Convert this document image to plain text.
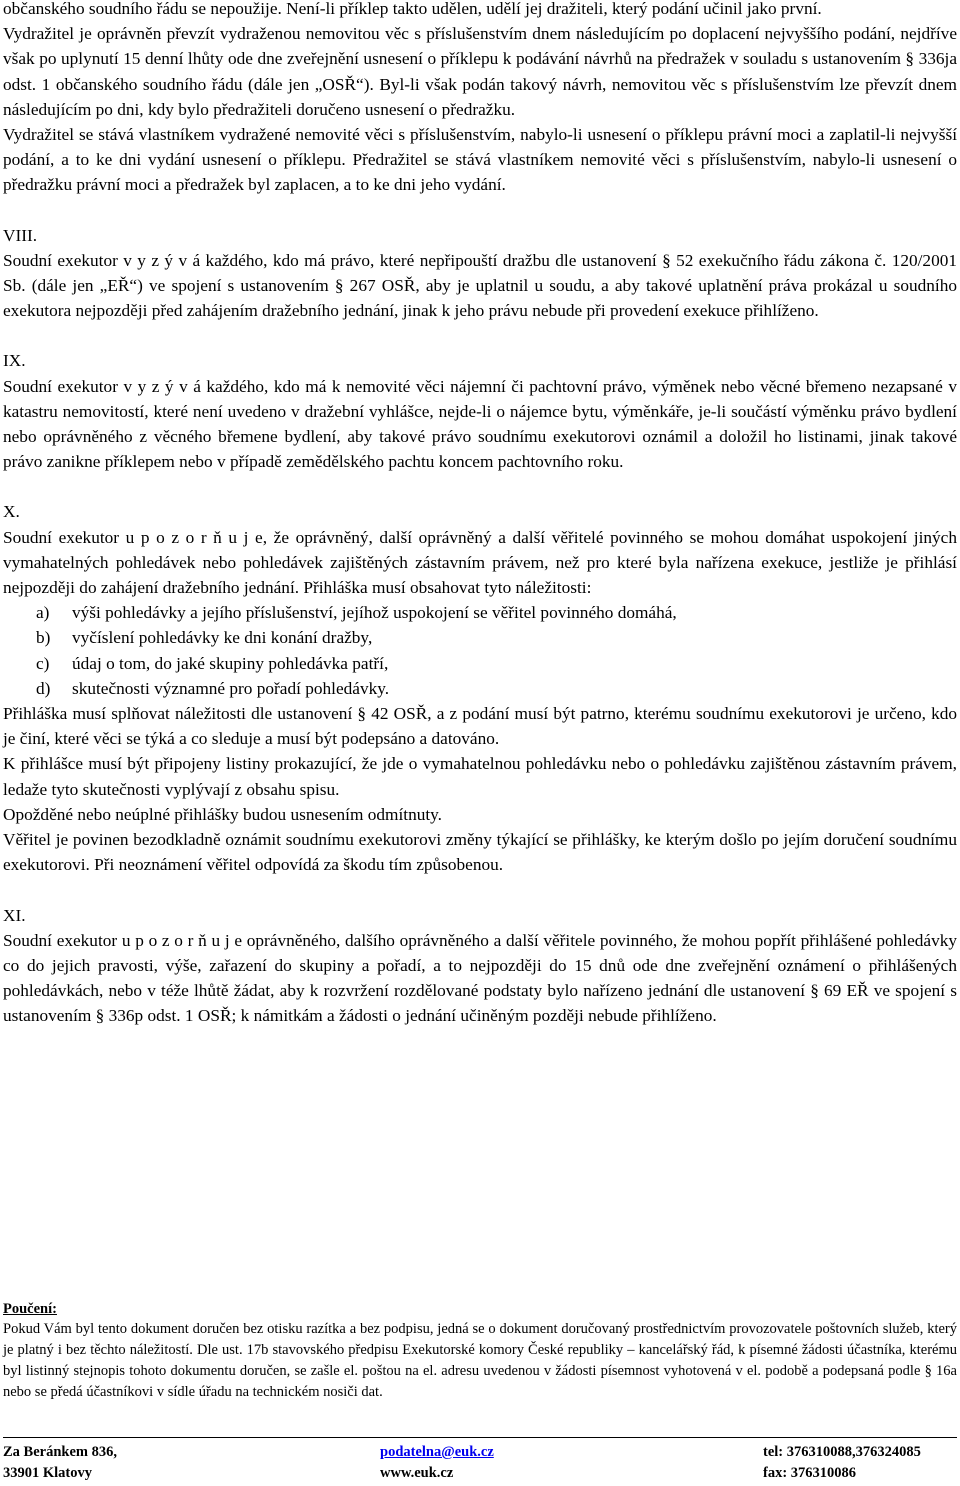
občanského soudního řádu se nepoužije. Není-li příklep takto udělen, udělí jej dražiteli, který podání učinil jako první.

Vydražitel je oprávněn převzít vydraženou nemovitou věc s příslušenstvím dnem následujícím po doplacení nejvyššího podání, nejdříve však po uplynutí 15 denní lhůty ode dne zveřejnění usnesení o příklepu k podávání návrhů na předražek v souladu s ustanovením § 336ja odst. 1 občanského soudního řádu (dále jen „OSŘ“). Byl-li však podán takový návrh, nemovitou věc s příslušenstvím lze převzít dnem následujícím po dni, kdy bylo předražiteli doručeno usnesení o předražku.

Vydražitel se stává vlastníkem vydražené nemovité věci s příslušenstvím, nabylo-li usnesení o příklepu právní moci a zaplatil-li nejvyšší podání, a to ke dni vydání usnesení o příklepu. Předražitel se stává vlastníkem nemovité věci s příslušenstvím, nabylo-li usnesení o předražku právní moci a předražek byl zaplacen, a to ke dni jeho vydání.

VIII.

Soudní exekutor v y z ý v á každého, kdo má právo, které nepřipouští dražbu dle ustanovení § 52 exekučního řádu zákona č. 120/2001 Sb. (dále jen „EŘ“) ve spojení s ustanovením § 267 OSŘ, aby je uplatnil u soudu, a aby takové uplatnění práva prokázal u soudního exekutora nejpozději před zahájením dražebního jednání, jinak k jeho právu nebude při provedení exekuce přihlíženo.

IX.

Soudní exekutor v y z ý v á každého, kdo má k nemovité věci nájemní či pachtovní právo, výměnek nebo věcné břemeno nezapsané v katastru nemovitostí, které není uvedeno v dražební vyhlášce, nejde-li o nájemce bytu, výměnkáře, je-li součástí výměnku právo bydlení nebo oprávněného z věcného břemene bydlení, aby takové právo soudnímu exekutorovi oznámil a doložil ho listinami, jinak takové právo zanikne příklepem nebo v případě zemědělského pachtu koncem pachtovního roku.

X.

Soudní exekutor u p o z o r ň u j e, že oprávněný, další oprávněný a další věřitelé povinného se mohou domáhat uspokojení jiných vymahatelných pohledávek nebo pohledávek zajištěných zástavním právem, než pro které byla nařízena exekuce, jestliže je přihlásí nejpozději do zahájení dražebního jednání. Přihláška musí obsahovat tyto náležitosti:

a)	výši pohledávky a jejího příslušenství, jejíhož uspokojení se věřitel povinného domáhá,
b)	vyčíslení pohledávky ke dni konání dražby,
c)	údaj o tom, do jaké skupiny pohledávka patří,
d)	skutečnosti významné pro pořadí pohledávky.

Přihláška musí splňovat náležitosti dle ustanovení § 42 OSŘ, a z podání musí být patrno, kterému soudnímu exekutorovi je určeno, kdo je činí, které věci se týká a co sleduje a musí být podepsáno a datováno.

K přihlášce musí být připojeny listiny prokazující, že jde o vymahatelnou pohledávku nebo o pohledávku zajištěnou zástavním právem, ledaže tyto skutečnosti vyplývají z obsahu spisu.

Opožděné nebo neúplné přihlášky budou usnesením odmítnuty.

Věřitel je povinen bezodkladně oznámit soudnímu exekutorovi změny týkající se přihlášky, ke kterým došlo po jejím doručení soudnímu exekutorovi. Při neoznámení věřitel odpovídá za škodu tím způsobenou.

XI.

Soudní exekutor u p o z o r ň u j e oprávněného, dalšího oprávněného a další věřitele povinného, že mohou popřít přihlášené pohledávky co do jejich pravosti, výše, zařazení do skupiny a pořadí, a to nejpozději do 15 dnů ode dne zveřejnění oznámení o přihlášených pohledávkách, nebo v téže lhůtě žádat, aby k rozvržení rozdělované podstaty bylo nařízeno jednání dle ustanovení § 69 EŘ ve spojení s ustanovením § 336p odst. 1 OSŘ; k námitkám a žádosti o jednání učiněným později nebude přihlíženo.

Poučení:

Pokud Vám byl tento dokument doručen bez otisku razítka a bez podpisu, jedná se o dokument doručovaný prostřednictvím provozovatele poštovních služeb, který je platný i bez těchto náležitostí. Dle ust. 17b stavovského předpisu Exekutorské komory České republiky – kancelářský řád, k písemné žádosti účastníka, kterému byl listinný stejnopis tohoto dokumentu doručen, se zašle el. poštou na el. adresu uvedenou v žádosti písemnost vyhotovená v el. podobě a podepsaná podle § 16a nebo se předá účastníkovi v sídle úřadu na technickém nosiči dat.

Za Beránkem 836,	podatelna@euk.cz	tel: 376310088,376324085
33901 Klatovy	www.euk.cz	fax: 376310086
